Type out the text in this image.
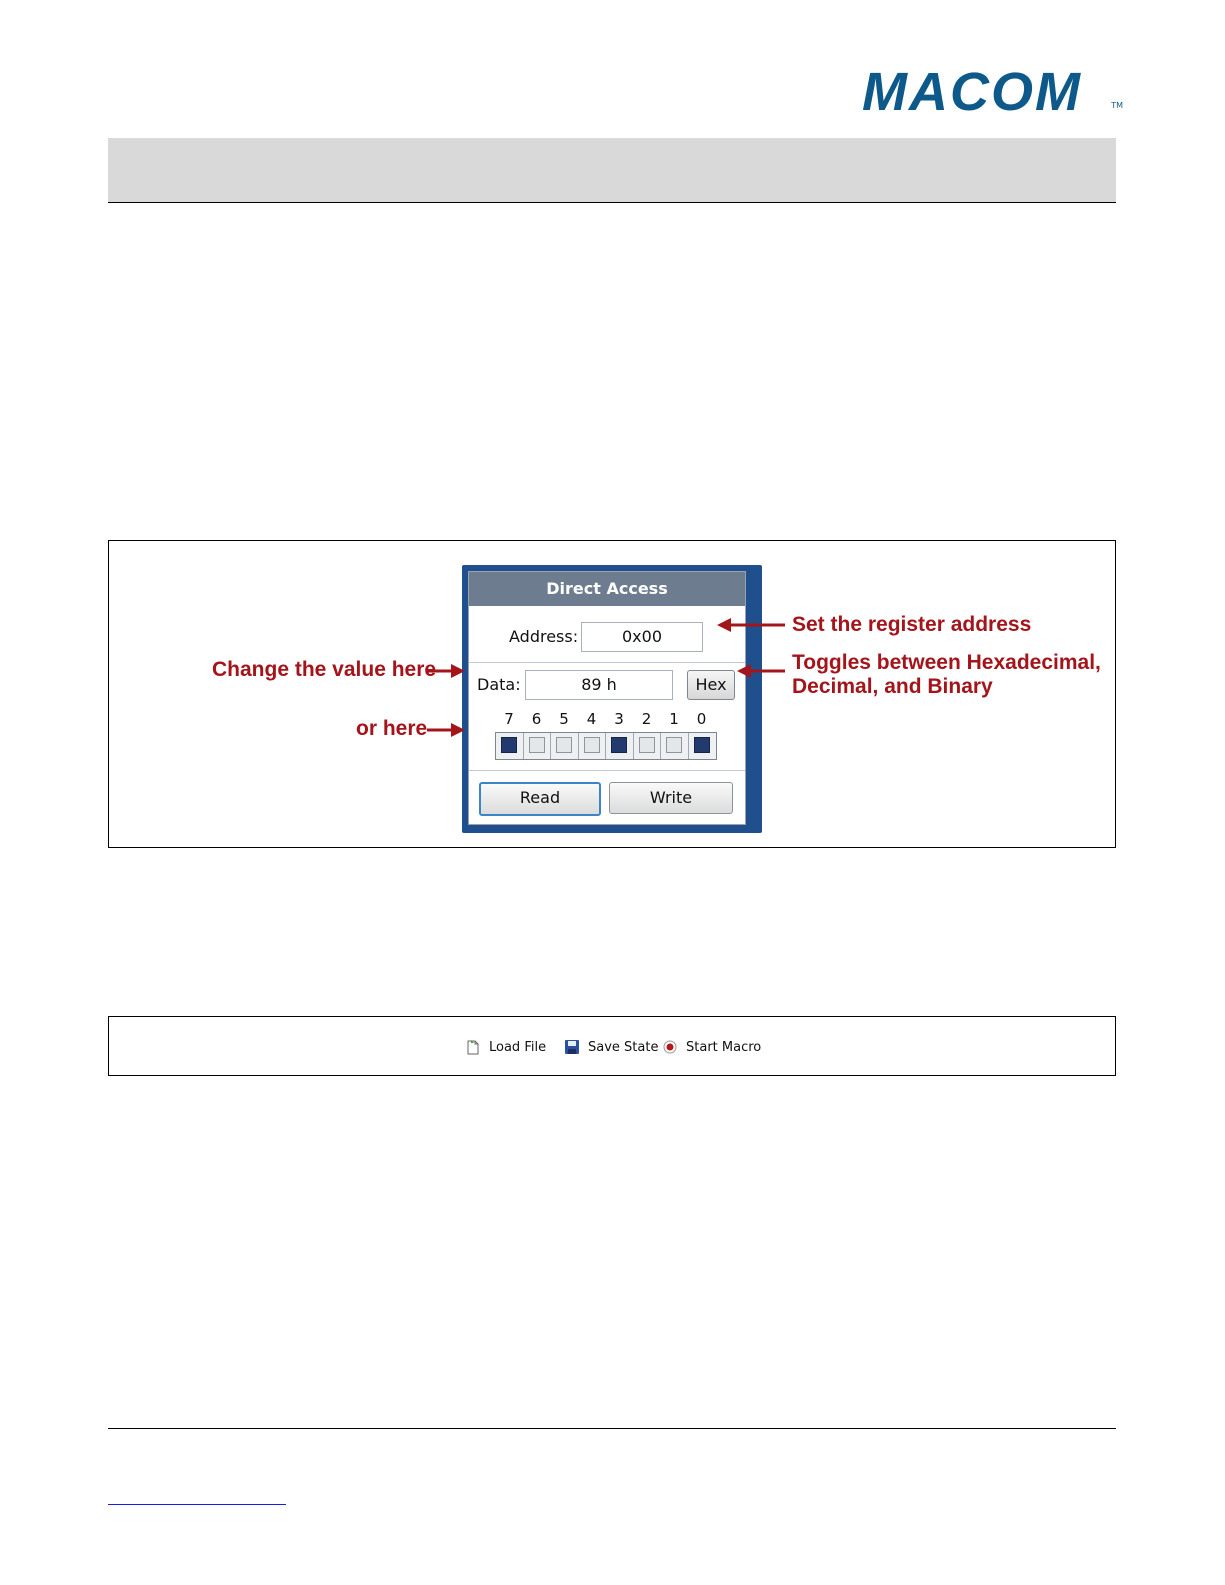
MACOM	TM
Direct Access
Address:	0x00
Data:	89 h	Hex
7	6	5	4	3	2	1	0
Read	Write
Set the register address
Change the value here	Toggles between Hexadecimal,
Decimal, and Binary
or here
Load File	Save State Start Macro
